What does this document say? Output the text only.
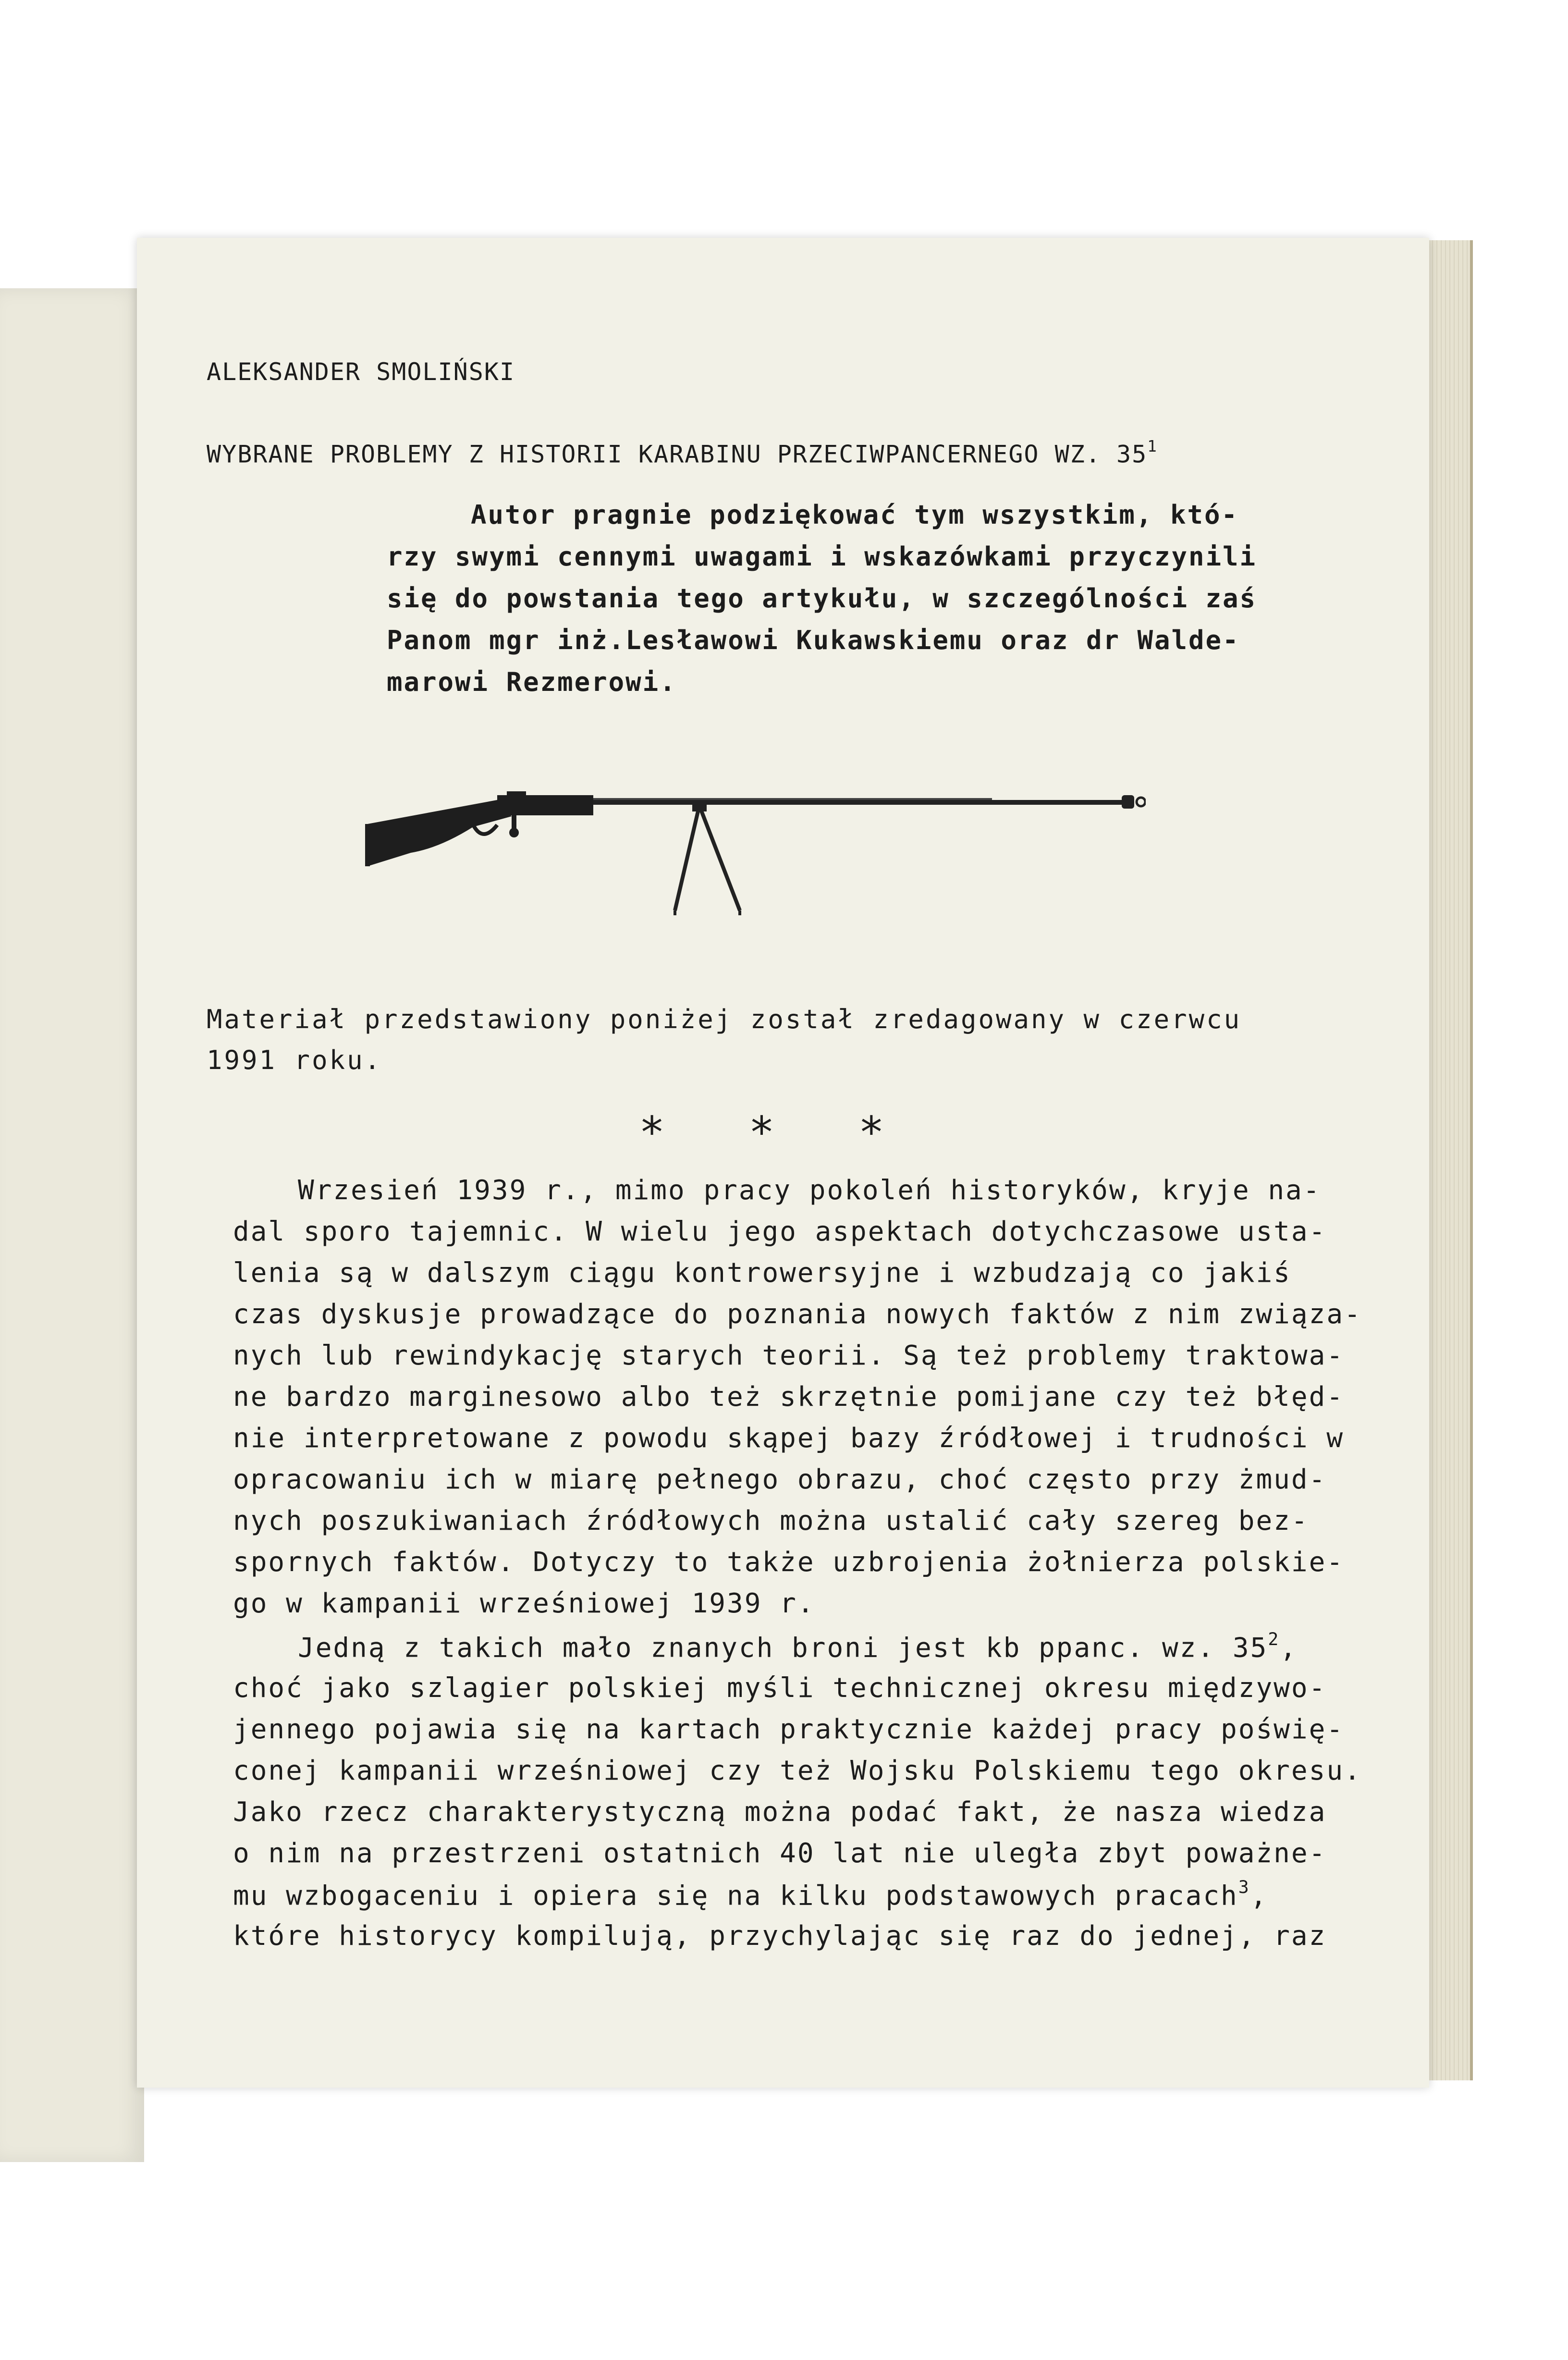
ALEKSANDER SMOLIŃSKI
WYBRANE PROBLEMY Z HISTORII KARABINU PRZECIWPANCERNEGO WZ. $35^1$
Autor pragnie podziękować tym wszystkim, któ-
rzy swymi cennymi uwagami i wskazówkami przyczynili
się do powstania tego artykułu, w szczególności zaś
Panom mgr inż.Lesławowi Kukawskiemu oraz dr Walde-
marowi Rezmerowi.
Materiał przedstawiony poniżej został zredagowany w czerwcu
1991 roku.
* * *
Wrzesień 1939 r., mimo pracy pokoleń historyków, kryje na-
dal sporo tajemnic. W wielu jego aspektach dotychczasowe usta-
lenia są w dalszym ciągu kontrowersyjne i wzbudzają co jakiś
czas dyskusje prowadzące do poznania nowych faktów z nim związa-
nych lub rewindykację starych teorii. Są też problemy traktowa-
ne bardzo marginesowo albo też skrzętnie pomijane czy też błęd-
nie interpretowane z powodu skąpej bazy źródłowej i trudności w
opracowaniu ich w miarę pełnego obrazu, choć często przy żmud-
nych poszukiwaniach źródłowych można ustalić cały szereg bez-
spornych faktów. Dotyczy to także uzbrojenia żołnierza polskie-
go w kampanii wrześniowej 1939 r.
Jedną z takich mało znanych broni jest kb ppanc. wz. $35^2$,
choć jako szlagier polskiej myśli technicznej okresu międzywo-
jennego pojawia się na kartach praktycznie każdej pracy poświę-
conej kampanii wrześniowej czy też Wojsku Polskiemu tego okresu.
Jako rzecz charakterystyczną można podać fakt, że nasza wiedza
o nim na przestrzeni ostatnich 40 lat nie uległa zbyt poważne-
mu wzbogaceniu i opiera się na kilku podstawowych pracach$^3$,
które historycy kompilują, przychylając się raz do jednej, raz
